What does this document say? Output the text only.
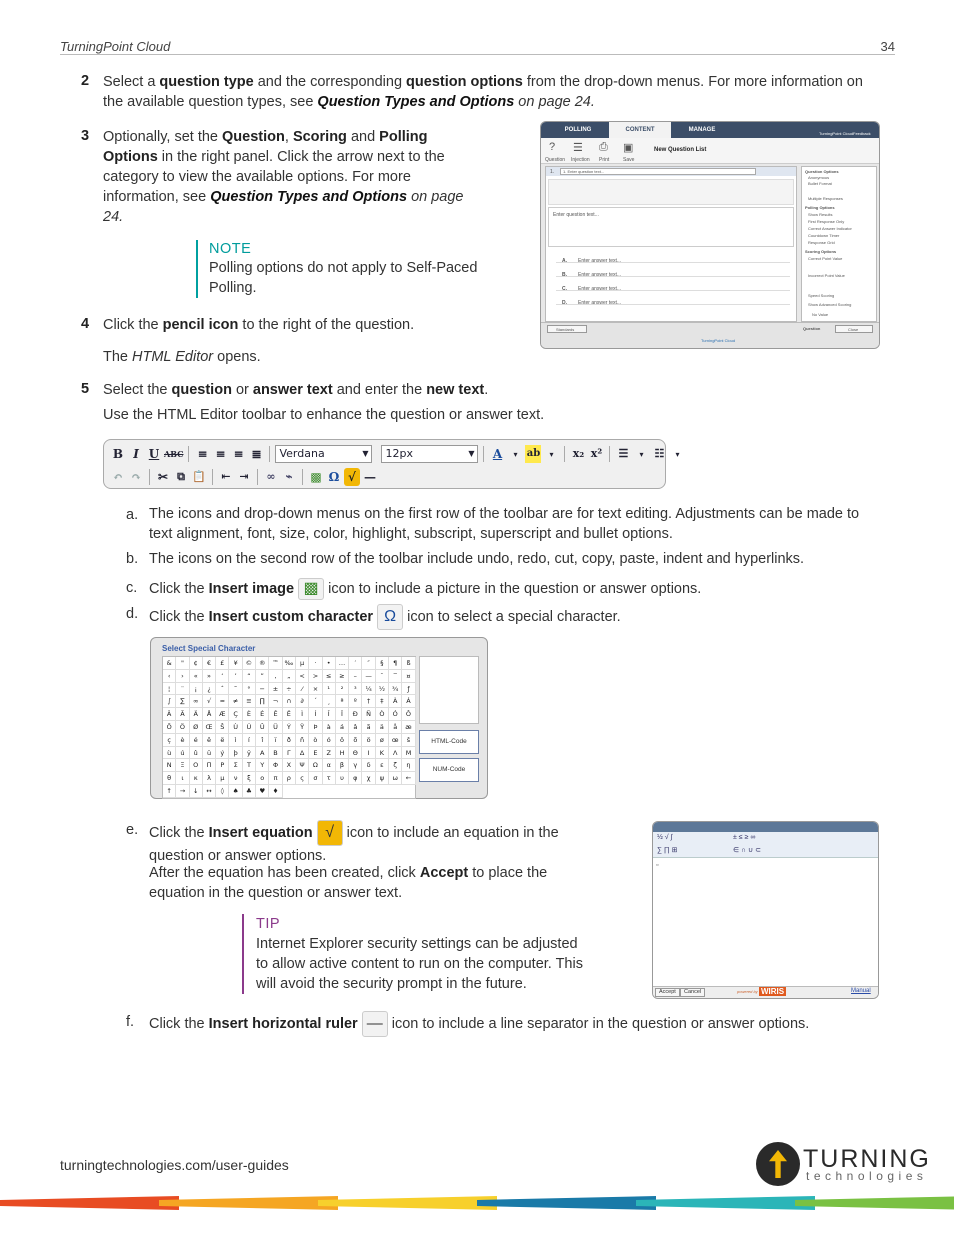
TurningPoint Cloud	34
2 Select a question type and the corresponding question options from the drop-down menus. For more information on
the available question types, see Question Types and Options on page 24.
3 Optionally, set the Question, Scoring and Polling
Options in the right panel. Click the arrow next to the
category to view the available options. For more
information, see Question Types and Options on page
24.
NOTE
Polling options do not apply to Self-Paced
Polling.
POLLING	CONTENT	MANAGE
TurningPoint Cloud Feedback
? ☰ ⎙ ▣
Question Injection Print	Save
New Question List
1. 1. Enter question text...
Enter question text...
A. Enter answer text...
B. Enter answer text...
C. Enter answer text...
D. Enter answer text...
Question Options
Anonymous
Bullet Format
Multiple Responses
Polling Options
Show Results
First Response Only
Correct Answer Indicator
Countdown Timer
Response Grid
Scoring Options
Correct Point Value
Incorrect Point Value
Speed Scoring
Show Advanced Scoring
No Value
Standards	Question	Close
TurningPoint Cloud
4 Click the pencil icon to the right of the question.
The HTML Editor opens.
5 Select the question or answer text and enter the new text.
Use the HTML Editor toolbar to enhance the question or answer text.
B I U ABC ≡ ≡ ≡ ≣	Verdana	▼	12px	▼ A	▾ ab	▾	x₂ x² ☰	▾	☷	▾
↶ ↷ ✂ ⧉ 📋	⇤ ⇥	∞ ⌁	▩ Ω √ —
a. The icons and drop-down menus on the first row of the toolbar are for text editing. Adjustments can be made to
text alignment, font, size, color, highlight, subscript, superscript and bullet options.
b. The icons on the second row of the toolbar include undo, redo, cut, copy, paste, indent and hyperlinks.
c. Click the Insert image ▩ icon to include a picture in the question or answer options.
d. Click the Insert custom character Ω icon to select a special character.
Select Special Character
&	"	¢	€	£	¥	©	®	™ ‰	µ	·	•	…	′	″	§	¶	ß
‹	›	«	»	‘	’	“	”	‚	„	<	>	≤	≥	–	—	¯	‾	¤
¦	¨	¡	¿	ˆ	˜	°	−	±	÷	⁄	×	¹	²	³	¼	½	¾	ƒ
∫	∑	∞	√	≈	≠	≡	∏	¬	∩	∂	´	¸	ª	º	†	‡	À	Á
Â	Ã	Ä	Å	Æ	Ç	È	É	Ê	Ë	Ì	Í	Î	Ï	Ð	Ñ	Ò	Ó	Ô
Õ	Ö	Ø	Œ	Š	Ù	Ú	Û	Ü	Ý	Ÿ	Þ	à	á	â	ã	ä	å	æ
ç	è	é	ê	ë	ì	í	î	ï	ð	ñ	ò	ó	ô	õ	ö	ø	œ	š
ù	ú	û	ü	ý	þ	ÿ	Α	Β	Γ	Δ	Ε	Ζ	Η	Θ	Ι	Κ	Λ	Μ
Ν	Ξ	Ο	Π	Ρ	Σ	Τ	Υ	Φ	Χ	Ψ	Ω	α	β	γ	δ	ε	ζ	η
θ	ι	κ	λ	μ	ν	ξ	ο	π	ρ	ς	σ	τ	υ	φ	χ	ψ	ω	←
↑	→	↓	↔	◊	♠	♣	♥	♦
HTML-Code
NUM-Code
e. Click the Insert equation √ icon to include an equation in the
question or answer options.
After the equation has been created, click Accept to place the
equation in the question or answer text.
TIP
Internet Explorer security settings can be adjusted
to allow active content to run on the computer. This
will avoid the security prompt in the future.
½ √ ∫
∑ ∏ ⊞
± ≤ ≥ ∞
∈ ∩ ∪ ⊂
▫
Accept	Cancel	powered by WIRIS	Manual
f. Click the Insert horizontal ruler — icon to include a line separator in the question or answer options.
turningtechnologies.com/user-guides	TURNING
technologies
